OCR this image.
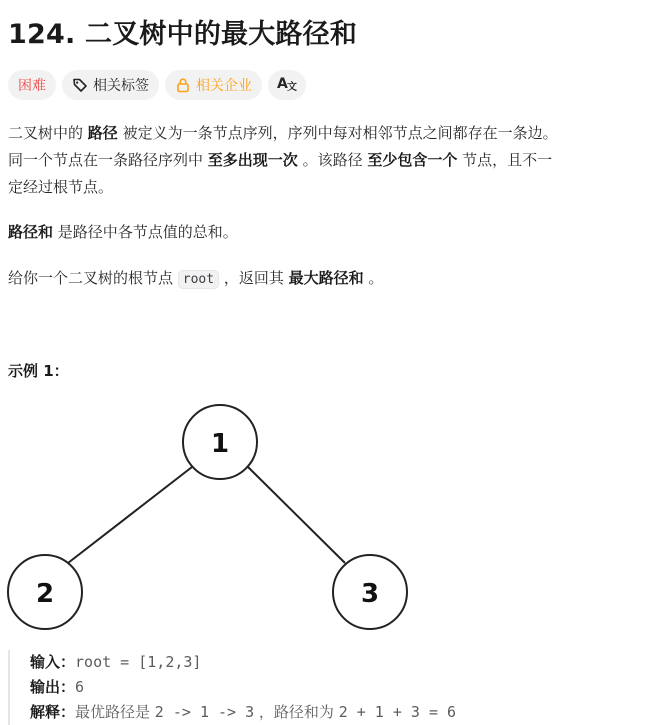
124. 二叉树中的最大路径和
困难	相关标签	相关企业 A 文
二叉树中的 路径 被定义为一条节点序列，序列中每对相邻节点之间都存在一条边。
同一个节点在一条路径序列中 至多出现一次 。该路径 至少包含一个 节点，且不一
定经过根节点。
路径和 是路径中各节点值的总和。
给你一个二叉树的根节点 root ，返回其 最大路径和 。
示例 1：
1
2	3
输入：root = [1,2,3]
输出：6
解释：最优路径是 2 -> 1 -> 3 ，路径和为 2 + 1 + 3 = 6
